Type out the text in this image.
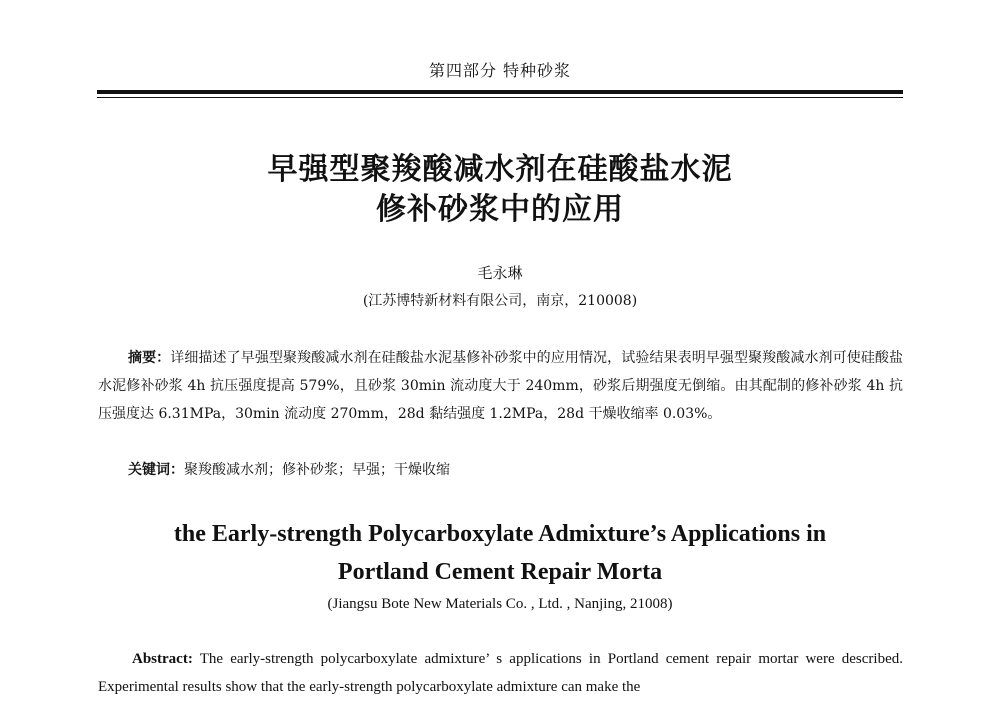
第四部分 特种砂浆
早强型聚羧酸减水剂在硅酸盐水泥
修补砂浆中的应用
毛永琳
(江苏博特新材料有限公司，南京，210008)
摘要：详细描述了早强型聚羧酸减水剂在硅酸盐水泥基修补砂浆中的应用情况，试验结果表明早强型聚羧酸减水剂可使硅酸盐水泥修补砂浆 4h 抗压强度提高 579%，且砂浆 30min 流动度大于 240mm，砂浆后期强度无倒缩。由其配制的修补砂浆 4h 抗压强度达 6.31MPa，30min 流动度 270mm，28d 黏结强度 1.2MPa，28d 干燥收缩率 0.03%。
关键词：聚羧酸减水剂；修补砂浆；早强；干燥收缩
the Early-strength Polycarboxylate Admixture’s Applications in
Portland Cement Repair Morta
(Jiangsu Bote New Materials Co. , Ltd. , Nanjing, 21008)
Abstract: The early-strength polycarboxylate admixture’ s applications in Portland cement repair mortar were described. Experimental results show that the early-strength polycarboxylate admixture can make the
